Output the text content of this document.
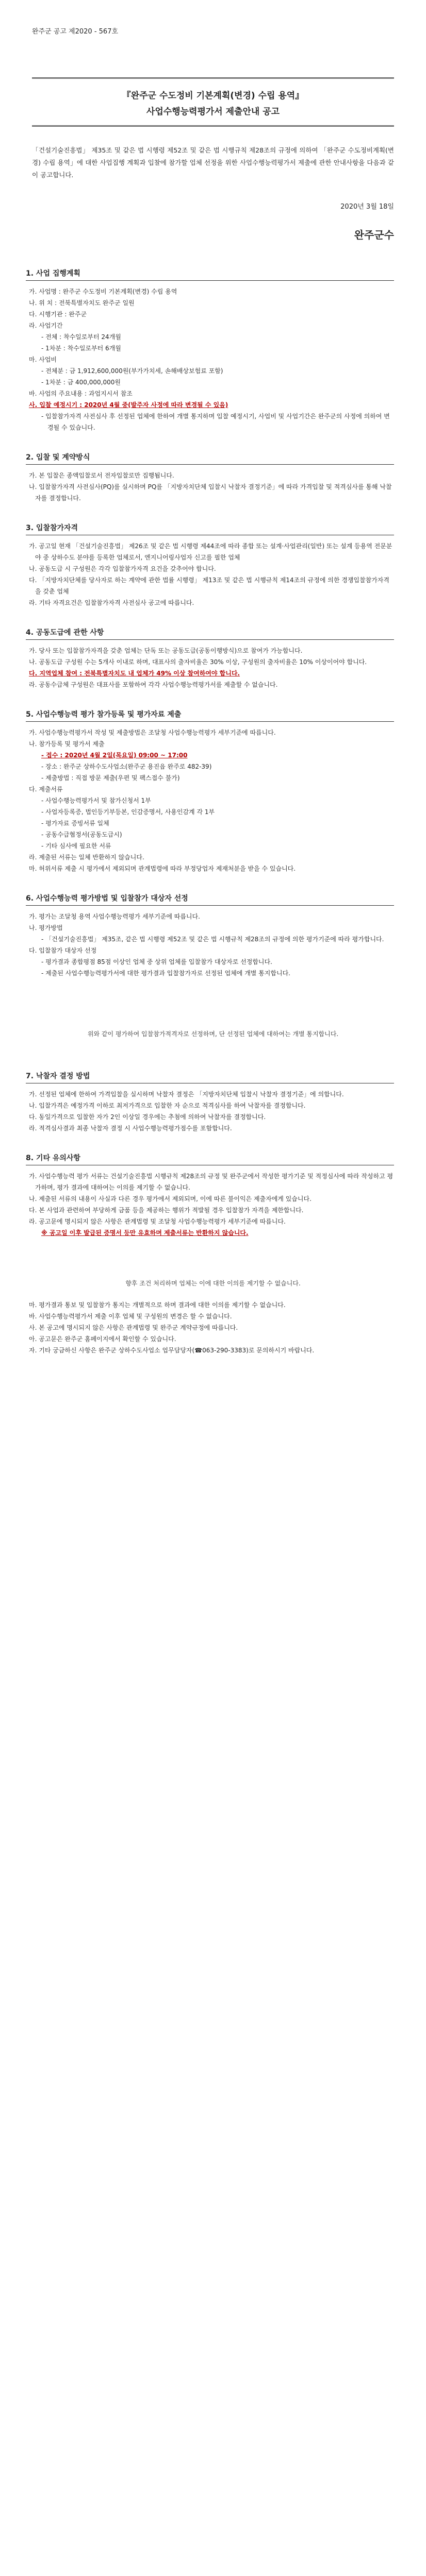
완주군 공고 제2020 - 567호
『완주군 수도정비 기본계획(변경) 수립 용역』
사업수행능력평가서 제출안내 공고
「건설기술진흥법」 제35조 및 같은 법 시행령 제52조 및 같은 법 시행규칙 제28조의 규정에 의하여 「완주군 수도정비계획(변경) 수립 용역」에 대한 사업집행 계획과 입찰에 참가할 업체 선정을 위한 사업수행능력평가서 제출에 관한 안내사항을 다음과 같이 공고합니다.
2020년 3월 18일
완주군수
1. 사업 집행계획

가. 사업명 : 완주군 수도정비 기본계획(변경) 수립 용역

나. 위 치 : 전북특별자치도 완주군 일원

다. 시행기관 : 완주군

라. 사업기간

- 전체 : 착수일로부터 24개월

- 1차분 : 착수일로부터 6개월

마. 사업비

- 전체분 : 금 1,912,600,000원(부가가치세, 손해배상보험료 포함)

- 1차분 : 금 400,000,000원

바. 사업의 주요내용 : 과업지시서 참조

사. 입찰 예정시기 : 2020년 4월 중(발주자 사정에 따라 변경될 수 있음)

- 입찰참가자격 사전심사 후 선정된 업체에 한하여 개별 통지하며 입찰 예정시기, 사업비 및 사업기간은 완주군의 사정에 의하여 변경될 수 있습니다.

2. 입찰 및 계약방식

가. 본 입찰은 종액입찰로서 전자입찰로만 집행됩니다.

나. 입찰참가자격 사전심사(PQ)를 실시하며 PQ를 「지방자치단체 입찰시 낙찰자 결정기준」에 따라 가격입찰 및 적격심사를 통해 낙찰자를 결정합니다.

3. 입찰참가자격

가. 공고일 현재 「건설기술진흥법」 제26조 및 같은 법 시행령 제44조에 따라 종합 또는 설계·사업관리(일반) 또는 설계 등용역 전문분야 중 상하수도 분야를 등록한 업체로서, 엔지니어링사업자 신고를 필한 업체

나. 공동도급 시 구성원은 각각 입찰참가자격 요건을 갖추어야 합니다.

다. 「지방자치단체를 당사자로 하는 계약에 관한 법률 시행령」 제13조 및 같은 법 시행규칙 제14조의 규정에 의한 경쟁입찰참가자격을 갖춘 업체

라. 기타 자격요건은 입찰참가자격 사전심사 공고에 따릅니다.

4. 공동도급에 관한 사항

가. 당사 또는 입찰참가자격을 갖춘 업체는 단독 또는 공동도급(공동이행방식)으로 참여가 가능합니다.

나. 공동도급 구성원 수는 5개사 이내로 하며, 대표사의 출자비율은 30% 이상, 구성원의 출자비율은 10% 이상이어야 합니다.

다. 지역업체 참여 : 전북특별자치도 내 업체가 49% 이상 참여하여야 합니다.

라. 공동수급체 구성원은 대표사를 포함하여 각각 사업수행능력평가서를 제출할 수 없습니다.

5. 사업수행능력 평가 참가등록 및 평가자료 제출

가. 사업수행능력평가서 작성 및 제출방법은 조달청 사업수행능력평가 세부기준에 따릅니다.

나. 참가등록 및 평가서 제출

- 접수 : 2020년 4월 2일(목요일) 09:00 ~ 17:00

- 장소 : 완주군 상하수도사업소(완주군 용진읍 완주로 482-39)

- 제출방법 : 직접 방문 제출(우편 및 팩스접수 불가)

다. 제출서류

- 사업수행능력평가서 및 참가신청서 1부

- 사업자등록증, 법인등기부등본, 인감증명서, 사용인감계 각 1부

- 평가자료 증빙서류 일체

- 공동수급협정서(공동도급시)

- 기타 심사에 필요한 서류

라. 제출된 서류는 일체 반환하지 않습니다.

마. 허위서류 제출 시 평가에서 제외되며 관계법령에 따라 부정당업자 제재처분을 받을 수 있습니다.

6. 사업수행능력 평가방법 및 입찰참가 대상자 선정

가. 평가는 조달청 용역 사업수행능력평가 세부기준에 따릅니다.

나. 평가방법

- 「건설기술진흥법」 제35조, 같은 법 시행령 제52조 및 같은 법 시행규칙 제28조의 규정에 의한 평가기준에 따라 평가합니다.

다. 입찰참가 대상자 선정

- 평가결과 종합평점 85점 이상인 업체 중 상위 업체를 입찰참가 대상자로 선정합니다.

- 제출된 사업수행능력평가서에 대한 평가결과 입찰참가자로 선정된 업체에 개별 통지합니다.

위와 같이 평가하여 입찰참가적격자로 선정하며, 단 선정된 업체에 대하여는 개별 통지합니다.
7. 낙찰자 결정 방법

가. 선정된 업체에 한하여 가격입찰을 실시하며 낙찰자 결정은 「지방자치단체 입찰시 낙찰자 결정기준」에 의합니다.

나. 입찰가격은 예정가격 이하로 최저가격으로 입찰한 자 순으로 적격심사를 하여 낙찰자를 결정합니다.

다. 동일가격으로 입찰한 자가 2인 이상일 경우에는 추첨에 의하여 낙찰자를 결정합니다.

라. 적격심사결과 최종 낙찰자 결정 시 사업수행능력평가점수를 포함합니다.

8. 기타 유의사항

가. 사업수행능력 평가 서류는 건설기술진흥법 시행규칙 제28조의 규정 및 완주군에서 작성한 평가기준 및 적정심사에 따라 작성하고 평가하며, 평가 결과에 대하여는 이의를 제기할 수 없습니다.

나. 제출된 서류의 내용이 사실과 다른 경우 평가에서 제외되며, 이에 따른 불이익은 제출자에게 있습니다.

다. 본 사업과 관련하여 부당하게 금품 등을 제공하는 행위가 적발될 경우 입찰참가 자격을 제한합니다.

라. 공고문에 명시되지 않은 사항은 관계법령 및 조달청 사업수행능력평가 세부기준에 따릅니다.

※ 공고일 이후 발급된 증명서 등만 유효하며 제출서류는 반환하지 않습니다.

향후 조건 처리하며 업체는 이에 대한 이의를 제기할 수 없습니다.

마. 평가결과 통보 및 입찰참가 통지는 개별적으로 하며 결과에 대한 이의를 제기할 수 없습니다.

바. 사업수행능력평가서 제출 이후 업체 및 구성원의 변경은 할 수 없습니다.

사. 본 공고에 명시되지 않은 사항은 관계법령 및 완주군 계약규정에 따릅니다.

아. 공고문은 완주군 홈페이지에서 확인할 수 있습니다.

자. 기타 궁금하신 사항은 완주군 상하수도사업소 업무담당자(☎063-290-3383)로 문의하시기 바랍니다.
